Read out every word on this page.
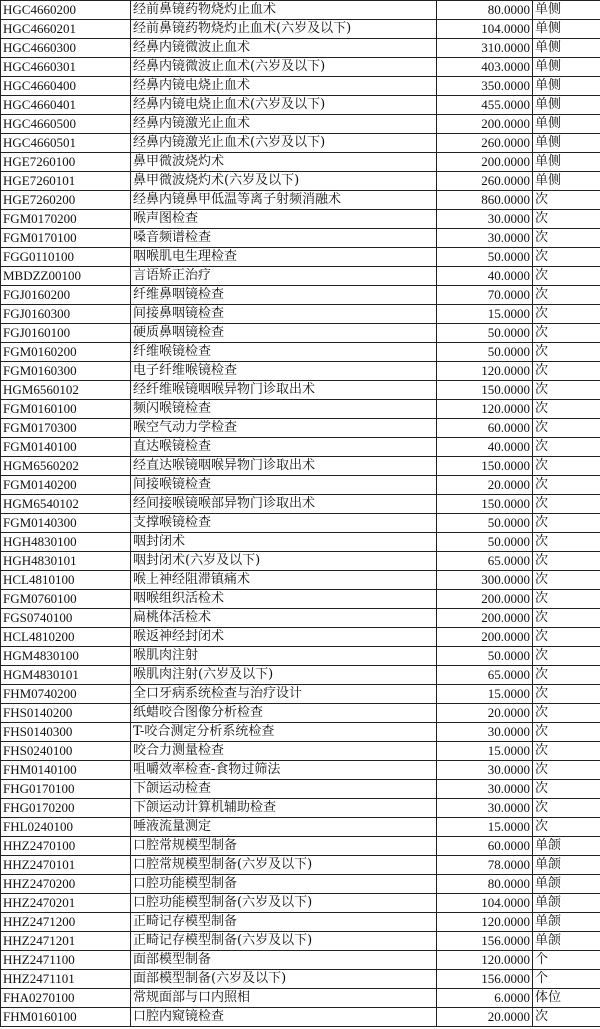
HGC4660200	经前鼻镜药物烧灼止血术	80.0000	单侧
HGC4660201	经前鼻镜药物烧灼止血术(六岁及以下)	104.0000	单侧
HGC4660300	经鼻内镜微波止血术	310.0000	单侧
HGC4660301	经鼻内镜微波止血术(六岁及以下)	403.0000	单侧
HGC4660400	经鼻内镜电烧止血术	350.0000	单侧
HGC4660401	经鼻内镜电烧止血术(六岁及以下)	455.0000	单侧
HGC4660500	经鼻内镜激光止血术	200.0000	单侧
HGC4660501	经鼻内镜激光止血术(六岁及以下)	260.0000	单侧
HGE7260100	鼻甲微波烧灼术	200.0000	单侧
HGE7260101	鼻甲微波烧灼术(六岁及以下)	260.0000	单侧
HGE7260200	经鼻内镜鼻甲低温等离子射频消融术	860.0000	次
FGM0170200	喉声图检查	30.0000	次
FGM0170100	嗓音频谱检查	30.0000	次
FGG0110100	咽喉肌电生理检查	50.0000	次
MBDZZ00100	言语矫正治疗	40.0000	次
FGJ0160200	纤维鼻咽镜检查	70.0000	次
FGJ0160300	间接鼻咽镜检查	15.0000	次
FGJ0160100	硬质鼻咽镜检查	50.0000	次
FGM0160200	纤维喉镜检查	50.0000	次
FGM0160300	电子纤维喉镜检查	120.0000	次
HGM6560102	经纤维喉镜咽喉异物门诊取出术	150.0000	次
FGM0160100	频闪喉镜检查	120.0000	次
FGM0170300	喉空气动力学检查	60.0000	次
FGM0140100	直达喉镜检查	40.0000	次
HGM6560202	经直达喉镜咽喉异物门诊取出术	150.0000	次
FGM0140200	间接喉镜检查	20.0000	次
HGM6540102	经间接喉镜喉部异物门诊取出术	150.0000	次
FGM0140300	支撑喉镜检查	50.0000	次
HGH4830100	咽封闭术	50.0000	次
HGH4830101	咽封闭术(六岁及以下)	65.0000	次
HCL4810100	喉上神经阻滞镇痛术	300.0000	次
FGM0760100	咽喉组织活检术	200.0000	次
FGS0740100	扁桃体活检术	200.0000	次
HCL4810200	喉返神经封闭术	200.0000	次
HGM4830100	喉肌肉注射	50.0000	次
HGM4830101	喉肌肉注射(六岁及以下)	65.0000	次
FHM0740200	全口牙病系统检查与治疗设计	15.0000	次
FHS0140200	纸蜡咬合图像分析检查	20.0000	次
FHS0140300	T-咬合测定分析系统检查	30.0000	次
FHS0240100	咬合力测量检查	15.0000	次
FHM0140100	咀嚼效率检查-食物过筛法	30.0000	次
FHG0170100	下颌运动检查	30.0000	次
FHG0170200	下颌运动计算机辅助检查	30.0000	次
FHL0240100	唾液流量测定	15.0000	次
HHZ2470100	口腔常规模型制备	60.0000	单颌
HHZ2470101	口腔常规模型制备(六岁及以下)	78.0000	单颌
HHZ2470200	口腔功能模型制备	80.0000	单颌
HHZ2470201	口腔功能模型制备(六岁及以下)	104.0000	单颌
HHZ2471200	正畸记存模型制备	120.0000	单颌
HHZ2471201	正畸记存模型制备(六岁及以下)	156.0000	单颌
HHZ2471100	面部模型制备	120.0000	个
HHZ2471101	面部模型制备(六岁及以下)	156.0000	个
FHA0270100	常规面部与口内照相	6.0000	体位
FHM0160100	口腔内窥镜检查	20.0000	次
